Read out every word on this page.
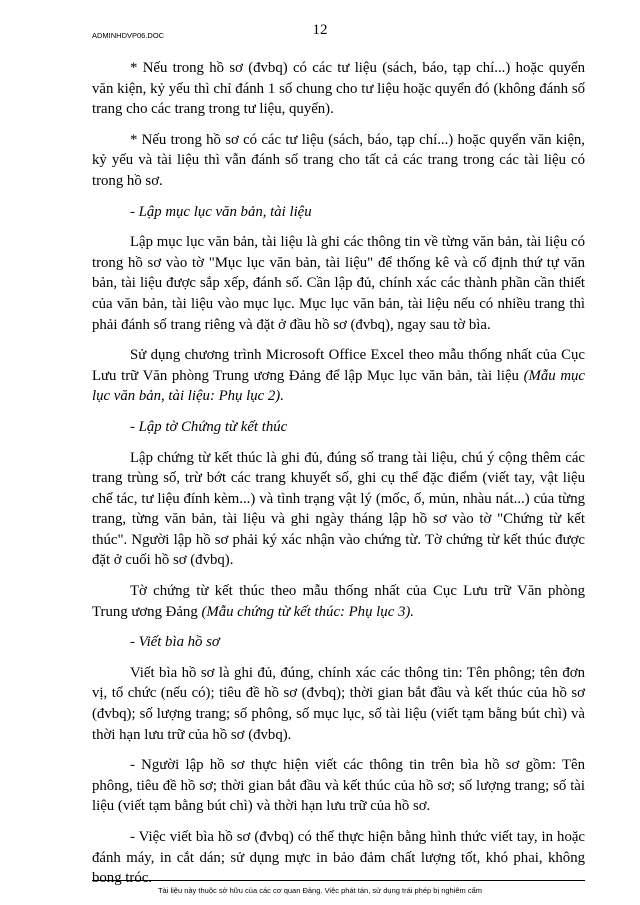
ADMINHDVP06.DOC	12

* Nếu trong hồ sơ (đvbq) có các tư liệu (sách, báo, tạp chí...) hoặc quyển văn kiện, kỷ yếu thì chỉ đánh 1 số chung cho tư liệu hoặc quyển đó (không đánh số trang cho các trang trong tư liệu, quyển).

* Nếu trong hồ sơ có các tư liệu (sách, báo, tạp chí...) hoặc quyển văn kiện, kỷ yếu và tài liệu thì vẫn đánh số trang cho tất cả các trang trong các tài liệu có trong hồ sơ.

- Lập mục lục văn bản, tài liệu

Lập mục lục văn bản, tài liệu là ghi các thông tin về từng văn bản, tài liệu có trong hồ sơ vào tờ "Mục lục văn bản, tài liệu" để thống kê và cố định thứ tự văn bản, tài liệu được sắp xếp, đánh số. Cần lập đủ, chính xác các thành phần cần thiết của văn bản, tài liệu vào mục lục. Mục lục văn bản, tài liệu nếu có nhiều trang thì phải đánh số trang riêng và đặt ở đầu hồ sơ (đvbq), ngay sau tờ bìa.

Sử dụng chương trình Microsoft Office Excel theo mẫu thống nhất của Cục Lưu trữ Văn phòng Trung ương Đảng để lập Mục lục văn bản, tài liệu (Mẫu mục lục văn bản, tài liệu: Phụ lục 2).

- Lập tờ Chứng từ kết thúc

Lập chứng từ kết thúc là ghi đủ, đúng số trang tài liệu, chú ý cộng thêm các trang trùng số, trừ bớt các trang khuyết số, ghi cụ thể đặc điểm (viết tay, vật liệu chế tác, tư liệu đính kèm...) và tình trạng vật lý (mốc, ố, mủn, nhàu nát...) của từng trang, từng văn bản, tài liệu và ghi ngày tháng lập hồ sơ vào tờ "Chứng từ kết thúc". Người lập hồ sơ phải ký xác nhận vào chứng từ. Tờ chứng từ kết thúc được đặt ở cuối hồ sơ (đvbq).

Tờ chứng từ kết thúc theo mẫu thống nhất của Cục Lưu trữ Văn phòng Trung ương Đảng (Mẫu chứng từ kết thúc: Phụ lục 3).

- Viết bìa hồ sơ

Viết bìa hồ sơ là ghi đủ, đúng, chính xác các thông tin: Tên phông; tên đơn vị, tổ chức (nếu có); tiêu đề hồ sơ (đvbq); thời gian bắt đầu và kết thúc của hồ sơ (đvbq); số lượng trang; số phông, số mục lục, số tài liệu (viết tạm bằng bút chì) và thời hạn lưu trữ của hồ sơ (đvbq).

- Người lập hồ sơ thực hiện viết các thông tin trên bìa hồ sơ gồm: Tên phông, tiêu đề hồ sơ; thời gian bắt đầu và kết thúc của hồ sơ; số lượng trang; số tài liệu (viết tạm bằng bút chì) và thời hạn lưu trữ của hồ sơ.

- Việc viết bìa hồ sơ (đvbq) có thể thực hiện bằng hình thức viết tay, in hoặc đánh máy, in cắt dán; sử dụng mực in bảo đảm chất lượng tốt, khó phai, không bong tróc.

Tài liệu này thuộc sở hữu của các cơ quan Đảng. Việc phát tán, sử dụng trái phép bị nghiêm cấm
